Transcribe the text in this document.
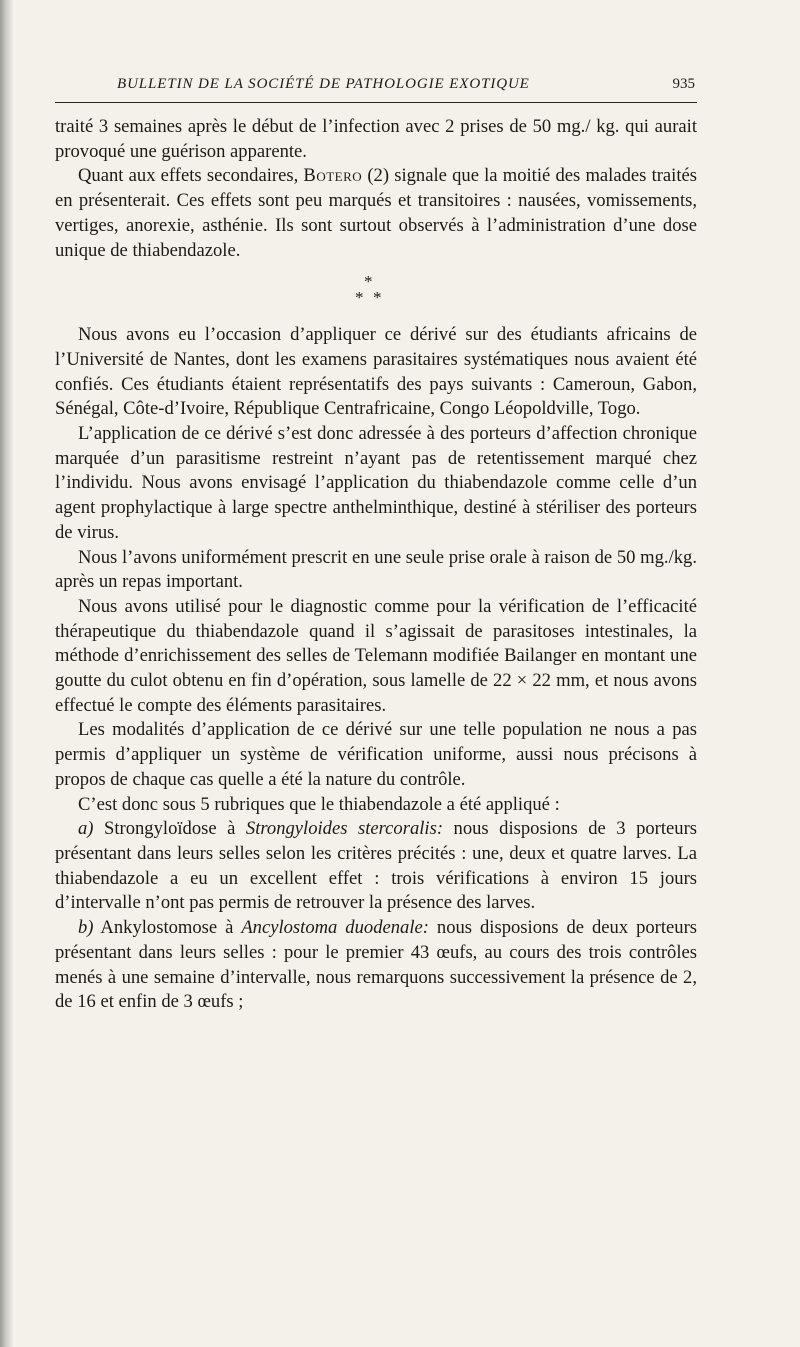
BULLETIN DE LA SOCIÉTÉ DE PATHOLOGIE EXOTIQUE	935

traité 3 semaines après le début de l’infection avec 2 prises de 50 mg./ kg. qui aurait provoqué une guérison apparente.

Quant aux effets secondaires, Botero (2) signale que la moitié des malades traités en présenterait. Ces effets sont peu marqués et transitoires : nausées, vomissements, vertiges, anorexie, asthénie. Ils sont surtout observés à l’administration d’une dose unique de thiabendazole.

*
* *

Nous avons eu l’occasion d’appliquer ce dérivé sur des étudiants africains de l’Université de Nantes, dont les examens parasitaires systématiques nous avaient été confiés. Ces étudiants étaient représentatifs des pays suivants : Cameroun, Gabon, Sénégal, Côte-d’Ivoire, République Centrafricaine, Congo Léopoldville, Togo.

L’application de ce dérivé s’est donc adressée à des porteurs d’affection chronique marquée d’un parasitisme restreint n’ayant pas de retentissement marqué chez l’individu. Nous avons envisagé l’application du thiabendazole comme celle d’un agent prophylactique à large spectre anthelminthique, destiné à stériliser des porteurs de virus.

Nous l’avons uniformément prescrit en une seule prise orale à raison de 50 mg./kg. après un repas important.

Nous avons utilisé pour le diagnostic comme pour la vérification de l’efficacité thérapeutique du thiabendazole quand il s’agissait de parasitoses intestinales, la méthode d’enrichissement des selles de Telemann modifiée Bailanger en montant une goutte du culot obtenu en fin d’opération, sous lamelle de 22 × 22 mm, et nous avons effectué le compte des éléments parasitaires.

Les modalités d’application de ce dérivé sur une telle population ne nous a pas permis d’appliquer un système de vérification uniforme, aussi nous précisons à propos de chaque cas quelle a été la nature du contrôle.

C’est donc sous 5 rubriques que le thiabendazole a été appliqué :

a) Strongyloïdose à Strongyloides stercoralis: nous disposions de 3 porteurs présentant dans leurs selles selon les critères précités : une, deux et quatre larves. La thiabendazole a eu un excellent effet : trois vérifications à environ 15 jours d’intervalle n’ont pas permis de retrouver la présence des larves.

b) Ankylostomose à Ancylostoma duodenale: nous disposions de deux porteurs présentant dans leurs selles : pour le premier 43 œufs, au cours des trois contrôles menés à une semaine d’intervalle, nous remarquons successivement la présence de 2, de 16 et enfin de 3 œufs ;
